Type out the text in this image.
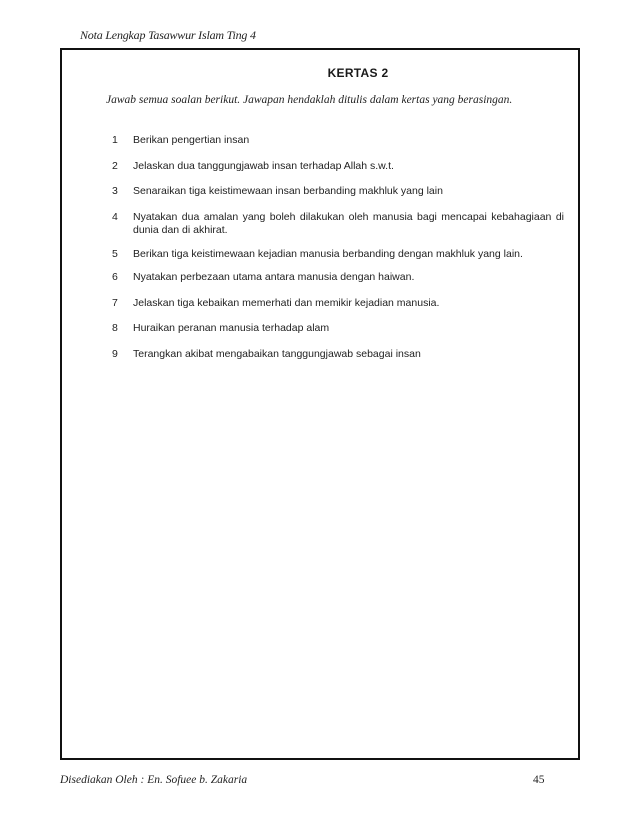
Nota Lengkap Tasawwur Islam Ting 4
KERTAS 2
Jawab semua soalan berikut. Jawapan hendaklah ditulis dalam kertas yang berasingan.
1	Berikan pengertian insan
2	Jelaskan dua tanggungjawab insan terhadap Allah s.w.t.
3	Senaraikan tiga keistimewaan insan berbanding makhluk yang lain
4	Nyatakan dua amalan yang boleh dilakukan oleh manusia bagi mencapai kebahagiaan di dunia dan di akhirat.
5	Berikan tiga keistimewaan kejadian manusia berbanding dengan makhluk yang lain.
6	Nyatakan perbezaan utama antara manusia dengan haiwan.
7	Jelaskan tiga kebaikan memerhati dan memikir kejadian manusia.
8	Huraikan peranan manusia terhadap alam
9	Terangkan akibat mengabaikan tanggungjawab sebagai insan
Disediakan Oleh : En. Sofuee b. Zakaria	45
